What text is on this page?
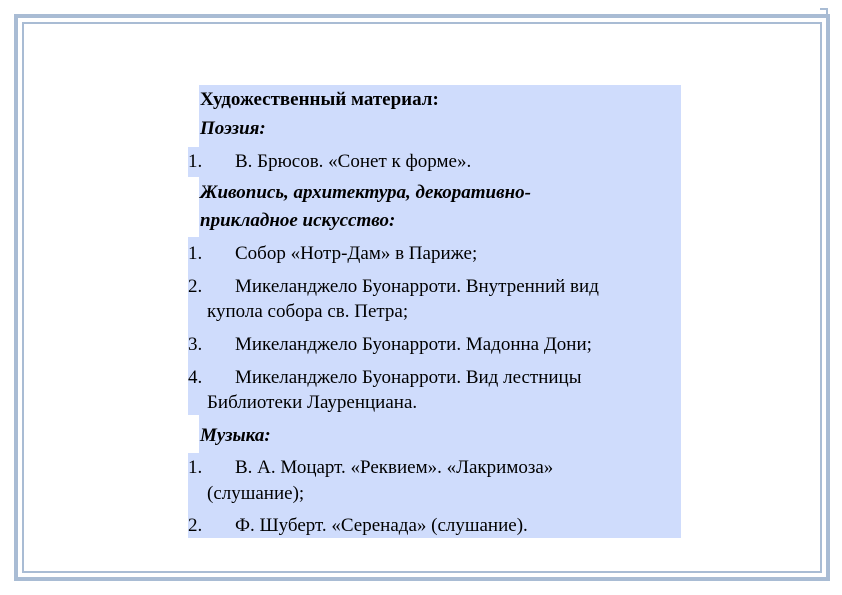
Художественный материал:
Поэзия:
1. В. Брюсов. «Сонет к форме».
Живопись, архитектура, декоративно-
прикладное искусство:
1. Собор «Нотр-Дам» в Париже;
2. Микеланджело Буонарроти. Внутренний вид
купола собора св. Петра;
3. Микеланджело Буонарроти. Мадонна Дони;
4. Микеланджело Буонарроти. Вид лестницы
Библиотеки Лауренциана.
Музыка:
1. В. А. Моцарт. «Реквием». «Лакримоза»
(слушание);
2. Ф. Шуберт. «Серенада» (слушание).
